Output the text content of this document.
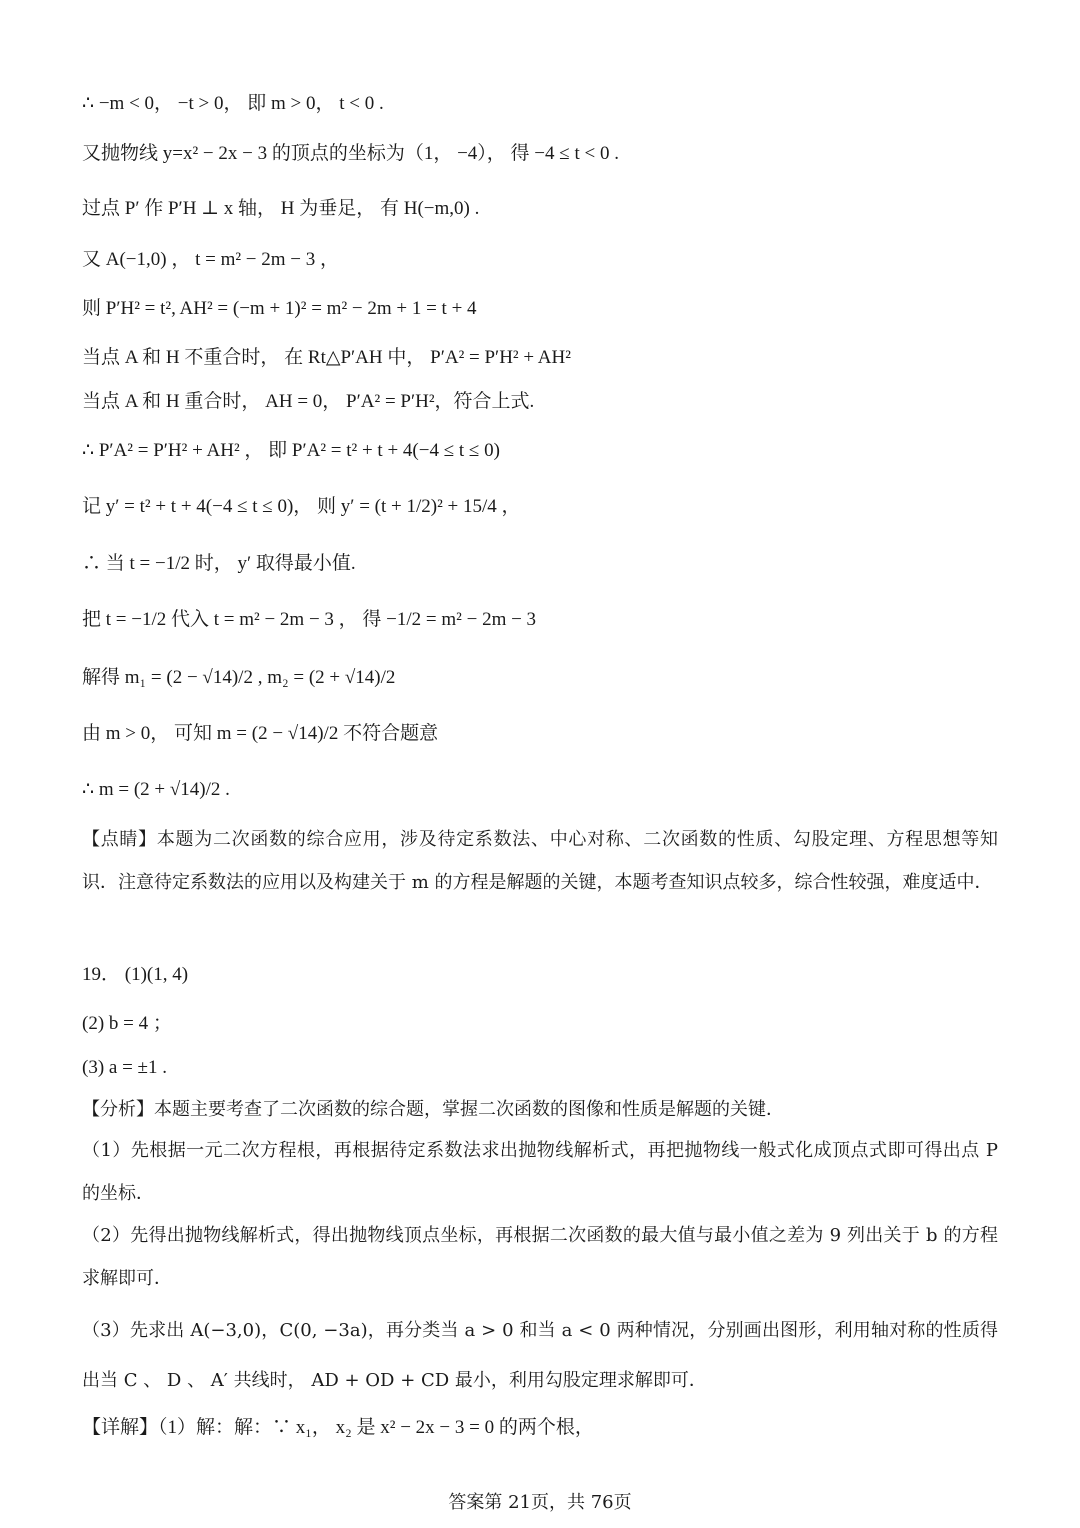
∴ −m < 0， −t > 0， 即 m > 0， t < 0 .
又抛物线 y=x² − 2x − 3 的顶点的坐标为（1， −4）， 得 −4 ≤ t < 0 .
过点 P′ 作 P′H ⊥ x 轴， H 为垂足， 有 H(−m,0) .
又 A(−1,0) ， t = m² − 2m − 3 ，
则 P′H² = t², AH² = (−m + 1)² = m² − 2m + 1 = t + 4
当点 A 和 H 不重合时， 在 Rt△P′AH 中， P′A² = P′H² + AH²
当点 A 和 H 重合时， AH = 0， P′A² = P′H²，符合上式.
∴ P′A² = P′H² + AH² ， 即 P′A² = t² + t + 4(−4 ≤ t ≤ 0)
记 y′ = t² + t + 4(−4 ≤ t ≤ 0)， 则 y′ = (t + 1/2)² + 15/4 ，
∴ 当 t = −1/2 时， y′ 取得最小值.
把 t = −1/2 代入 t = m² − 2m − 3 ， 得 −1/2 = m² − 2m − 3
解得 m₁ = (2 − √14)/2 , m₂ = (2 + √14)/2
由 m > 0， 可知 m = (2 − √14)/2 不符合题意
∴ m = (2 + √14)/2 .
【点睛】本题为二次函数的综合应用，涉及待定系数法、中心对称、二次函数的性质、勾股定理、方程思想等知识．注意待定系数法的应用以及构建关于 m 的方程是解题的关键，本题考查知识点较多，综合性较强，难度适中．
19． (1)(1, 4)
(2) b = 4 ；
(3) a = ±1 .
【分析】本题主要考查了二次函数的综合题，掌握二次函数的图像和性质是解题的关键．
（1）先根据一元二次方程根，再根据待定系数法求出抛物线解析式，再把抛物线一般式化成顶点式即可得出点 P 的坐标．
（2）先得出抛物线解析式，得出抛物线顶点坐标，再根据二次函数的最大值与最小值之差为 9 列出关于 b 的方程求解即可．
（3）先求出 A(−3,0)，C(0, −3a)，再分类当 a > 0 和当 a < 0 两种情况，分别画出图形，利用轴对称的性质得出当 C 、 D 、 A′ 共线时， AD + OD + CD 最小，利用勾股定理求解即可．
【详解】（1）解：解：∵ x₁， x₂ 是 x² − 2x − 3 = 0 的两个根，
答案第 21页，共 76页
